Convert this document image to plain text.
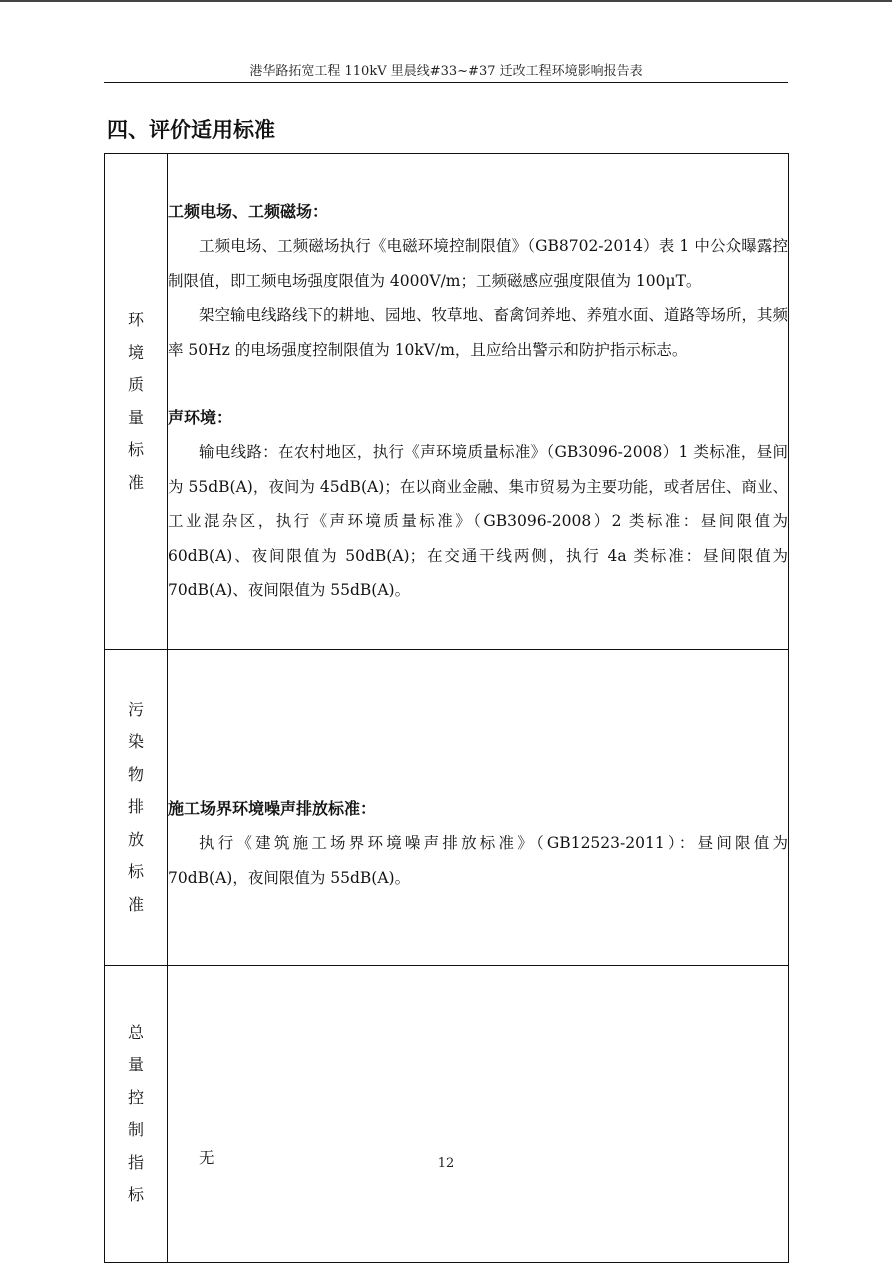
港华路拓宽工程 110kV 里晨线#33~#37 迁改工程环境影响报告表
四、评价适用标准
环境质量标准	工频电场、工频磁场：

工频电场、工频磁场执行《电磁环境控制限值》（GB8702-2014）表 1 中公众曝露控制限值，即工频电场强度限值为 4000V/m；工频磁感应强度限值为 100μT。

架空输电线路线下的耕地、园地、牧草地、畜禽饲养地、养殖水面、道路等场所，其频率 50Hz 的电场强度控制限值为 10kV/m，且应给出警示和防护指示标志。

声环境：

输电线路：在农村地区，执行《声环境质量标准》（GB3096-2008）1 类标准，昼间为 55dB(A)，夜间为 45dB(A)；在以商业金融、集市贸易为主要功能，或者居住、商业、工业混杂区，执行《声环境质量标准》（GB3096-2008）2 类标准：昼间限值为 60dB(A)、夜间限值为 50dB(A)；在交通干线两侧，执行 4a 类标准：昼间限值为 70dB(A)、夜间限值为 55dB(A)。

污染物排放标准	施工场界环境噪声排放标准：

执行《建筑施工场界环境噪声排放标准》（GB12523-2011）：昼间限值为 70dB(A)，夜间限值为 55dB(A)。

总量控制指标	无	12
